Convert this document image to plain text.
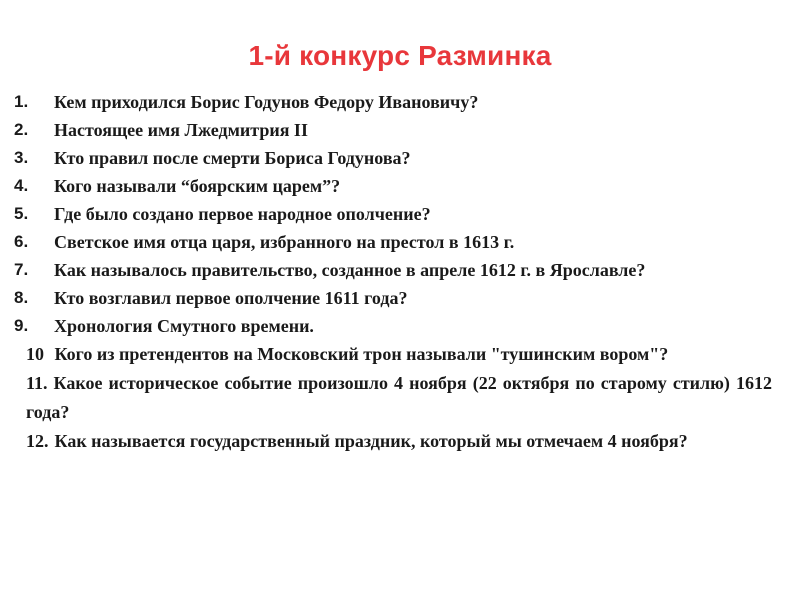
1-й конкурс Разминка
1. Кем приходился Борис Годунов Федору Ивановичу?
2. Настоящее имя Лжедмитрия II
3. Кто правил после смерти Бориса Годунова?
4. Кого называли “боярским царем”?
5. Где было создано первое народное ополчение?
6. Светское имя отца царя, избранного на престол в 1613 г.
7. Как называлось правительство, созданное в апреле 1612 г. в Ярославле?
8. Кто возглавил первое ополчение 1611 года?
9. Хронология Смутного времени.
10 Кого из претендентов на Московский трон называли "тушинским вором"?
11. Какое историческое событие произошло 4 ноября (22 октября по старому стилю) 1612 года?
12. Как называется государственный праздник, который мы отмечаем 4 ноября?
